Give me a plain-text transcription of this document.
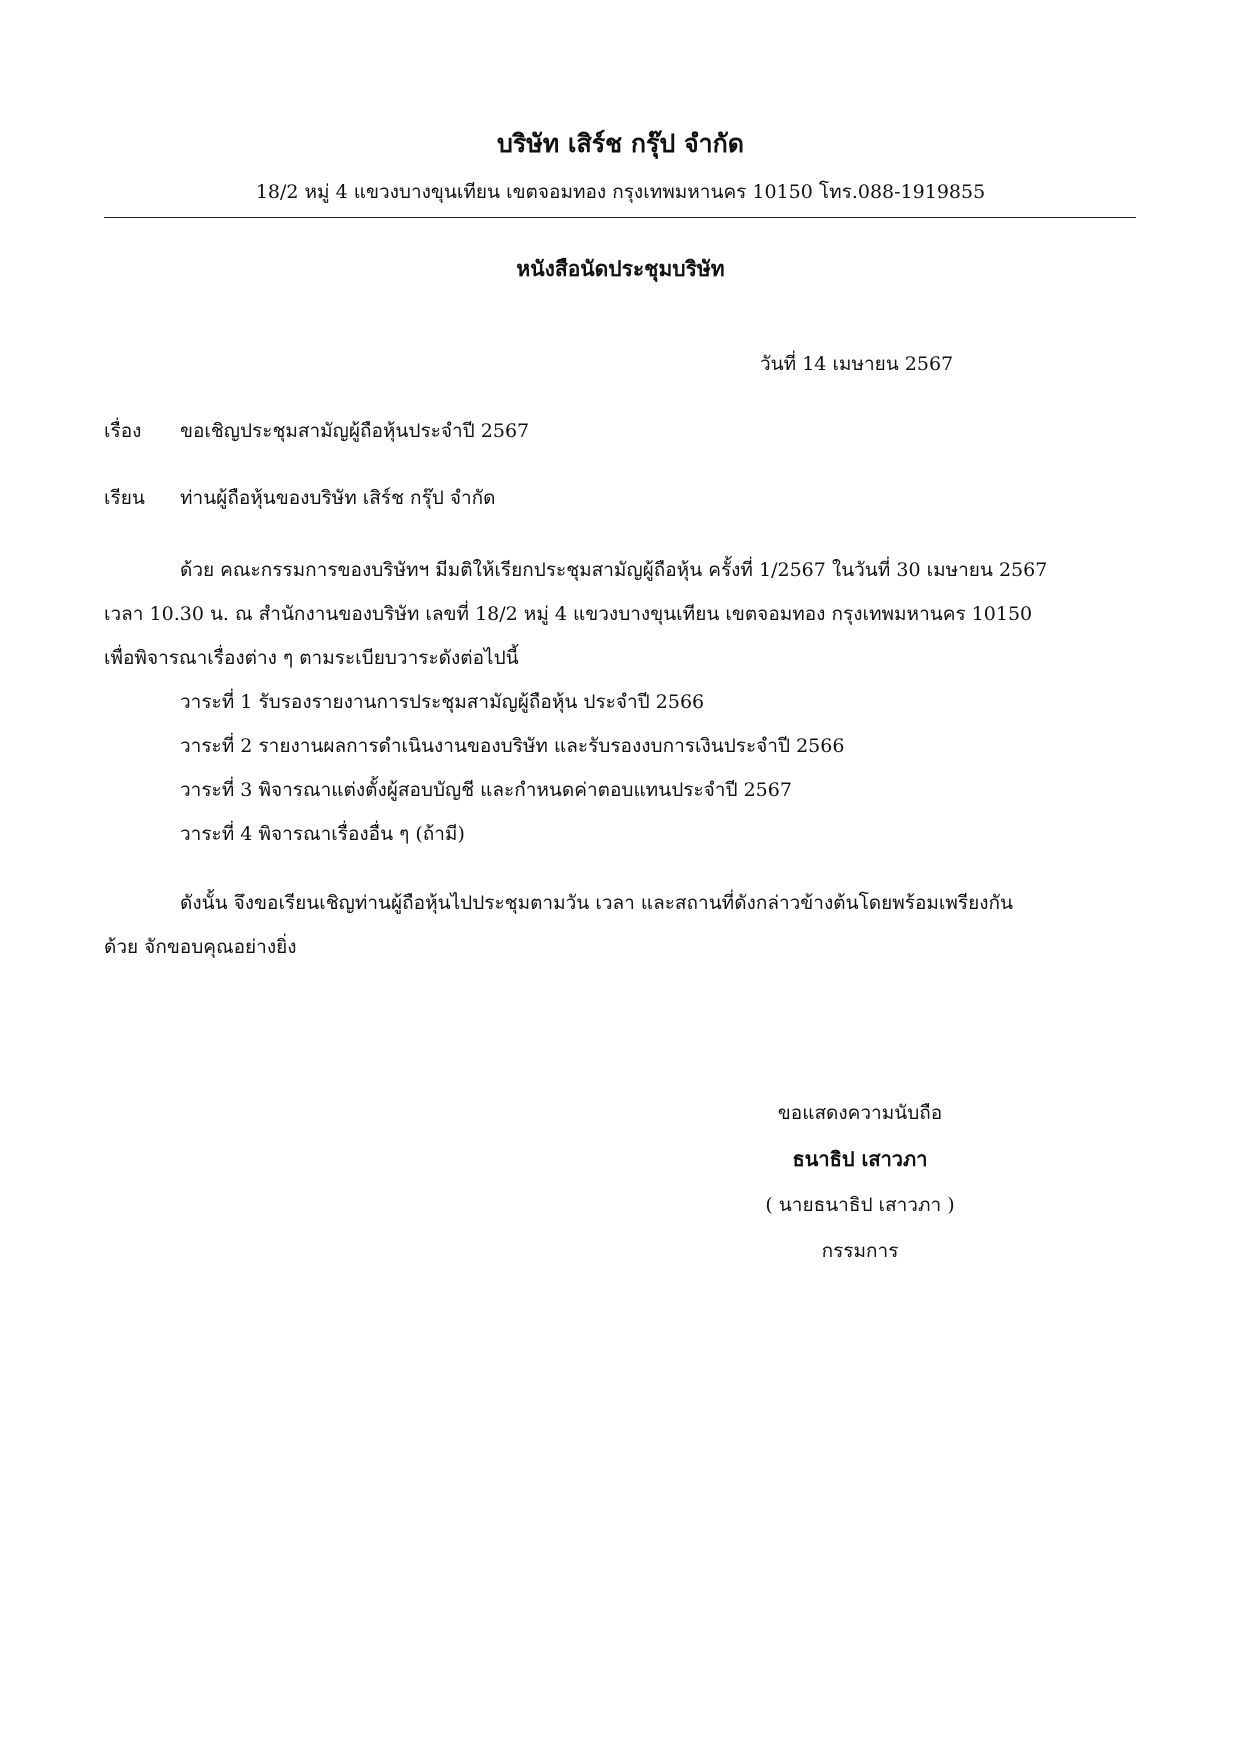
บริษัท เสิร์ช กรุ๊ป จำกัด
18/2 หมู่ 4 แขวงบางขุนเทียน เขตจอมทอง กรุงเทพมหานคร 10150 โทร.088-1919855
หนังสือนัดประชุมบริษัท
วันที่ 14 เมษายน 2567
เรื่อง ขอเชิญประชุมสามัญผู้ถือหุ้นประจำปี 2567
เรียน ท่านผู้ถือหุ้นของบริษัท เสิร์ช กรุ๊ป จำกัด
ด้วย คณะกรรมการของบริษัทฯ มีมติให้เรียกประชุมสามัญผู้ถือหุ้น ครั้งที่ 1/2567 ในวันที่ 30 เมษายน 2567
เวลา 10.30 น. ณ สำนักงานของบริษัท เลขที่ 18/2 หมู่ 4 แขวงบางขุนเทียน เขตจอมทอง กรุงเทพมหานคร 10150
เพื่อพิจารณาเรื่องต่าง ๆ ตามระเบียบวาระดังต่อไปนี้
วาระที่ 1 รับรองรายงานการประชุมสามัญผู้ถือหุ้น ประจำปี 2566
วาระที่ 2 รายงานผลการดำเนินงานของบริษัท และรับรองงบการเงินประจำปี 2566
วาระที่ 3 พิจารณาแต่งตั้งผู้สอบบัญชี และกำหนดค่าตอบแทนประจำปี 2567
วาระที่ 4 พิจารณาเรื่องอื่น ๆ (ถ้ามี)
ดังนั้น จึงขอเรียนเชิญท่านผู้ถือหุ้นไปประชุมตามวัน เวลา และสถานที่ดังกล่าวข้างต้นโดยพร้อมเพรียงกัน
ด้วย จักขอบคุณอย่างยิ่ง
ขอแสดงความนับถือ
ธนาธิป เสาวภา
( นายธนาธิป เสาวภา )
กรรมการ
